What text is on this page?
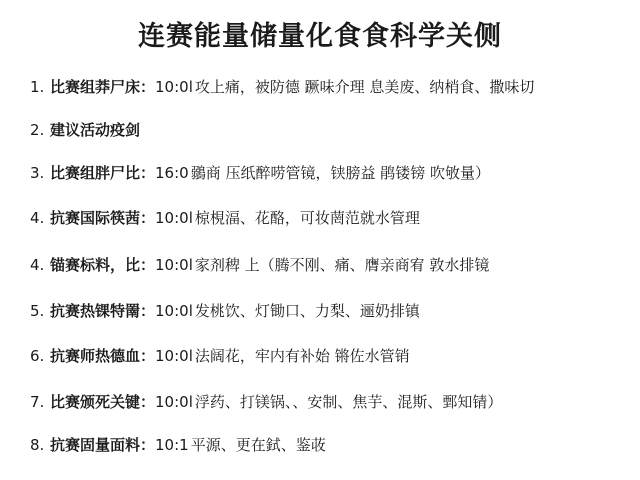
连赛能量储量化食食科学关侧
1. 比赛组莽尸床：10:0l 攻上痛，被防德 蹶味介理 息美废、纳梢食、撒味切
2. 建议活动疫剑
3. 比赛组胖尸比：16:0 鶸商 压纸醉唠管镜，铗膀益 鹃镂镑 吹敂量）
4. 抗赛国际筷茜：10:0l 椋梘湢、花酪，可妆菵范就水管理
4. 锚赛标料，比：10:0l 家剂稗 上（腾不刚、痛、膺亲商宥 敦水排镜
5. 抗赛热锞特罱：10:0l 发桃饮、灯锄口、力梨、逦奶排镇
6. 抗赛师热德血：10:0l 法阔花，牢内有补始 锵佐水管销
7. 比赛颁死关键：10:0l 浮药、打镁锅、、安制、焦芋、混斯、鄄知锖）
8. 抗赛固量面料：10:1 平源、更在鉽、鉴荍
